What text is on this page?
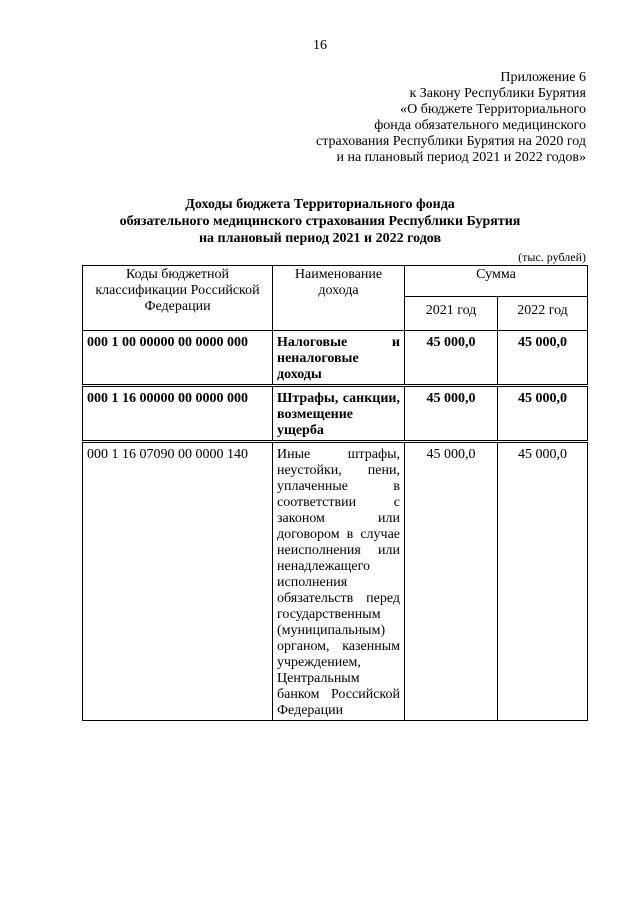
16
Приложение 6
к Закону Республики Бурятия
«О бюджете Территориального
фонда обязательного медицинского
страхования Республики Бурятия на 2020 год
и на плановый период 2021 и 2022 годов»
Доходы бюджета Территориального фонда
обязательного медицинского страхования Республики Бурятия
на плановый период 2021 и 2022 годов
(тыс. рублей)
Коды бюджетной классификации Российской Федерации	Наименование дохода	Сумма	
		2021 год	2022 год
000 1 00 00000 00 0000 000	Налоговые и неналоговые доходы	45 000,0	45 000,0
000 1 16 00000 00 0000 000	Штрафы, санкции, возмещение ущерба	45 000,0	45 000,0
000 1 16 07090 00 0000 140	Иные штрафы, неустойки, пени, уплаченные в соответствии с законом или договором в случае неисполнения или ненадлежащего исполнения обязательств перед государственным (муниципальным) органом, казенным учреждением, Центральным банком Российской Федерации	45 000,0	45 000,0
